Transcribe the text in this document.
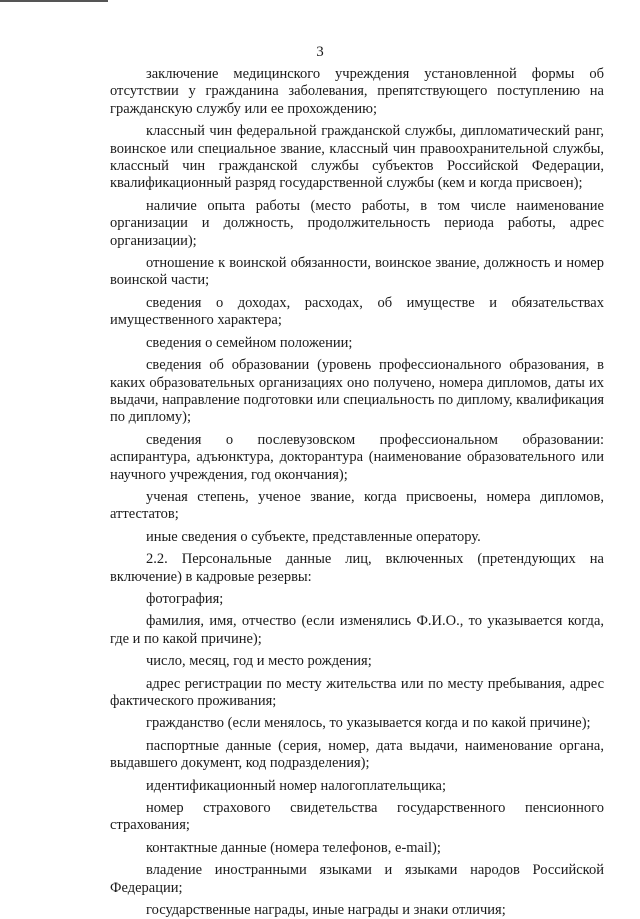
3

заключение медицинского учреждения установленной формы об отсутствии у гражданина заболевания, препятствующего поступлению на гражданскую службу или ее прохождению;

классный чин федеральной гражданской службы, дипломатический ранг, воинское или специальное звание, классный чин правоохранительной службы, классный чин гражданской службы субъектов Российской Федерации, квалификационный разряд государственной службы (кем и когда присвоен);

наличие опыта работы (место работы, в том числе наименование организации и должность, продолжительность периода работы, адрес организации);

отношение к воинской обязанности, воинское звание, должность и номер воинской части;

сведения о доходах, расходах, об имуществе и обязательствах имущественного характера;

сведения о семейном положении;

сведения об образовании (уровень профессионального образования, в каких образовательных организациях оно получено, номера дипломов, даты их выдачи, направление подготовки или специальность по диплому, квалификация по диплому);

сведения о послевузовском профессиональном образовании: аспирантура, адъюнктура, докторантура (наименование образовательного или научного учреждения, год окончания);

ученая степень, ученое звание, когда присвоены, номера дипломов, аттестатов;

иные сведения о субъекте, представленные оператору.

2.2. Персональные данные лиц, включенных (претендующих на включение) в кадровые резервы:

фотография;

фамилия, имя, отчество (если изменялись Ф.И.О., то указывается когда, где и по какой причине);

число, месяц, год и место рождения;

адрес регистрации по месту жительства или по месту пребывания, адрес фактического проживания;

гражданство (если менялось, то указывается когда и по какой причине);

паспортные данные (серия, номер, дата выдачи, наименование органа, выдавшего документ, код подразделения);

идентификационный номер налогоплательщика;

номер страхового свидетельства государственного пенсионного страхования;

контактные данные (номера телефонов, e-mail);

владение иностранными языками и языками народов Российской Федерации;

государственные награды, иные награды и знаки отличия;
